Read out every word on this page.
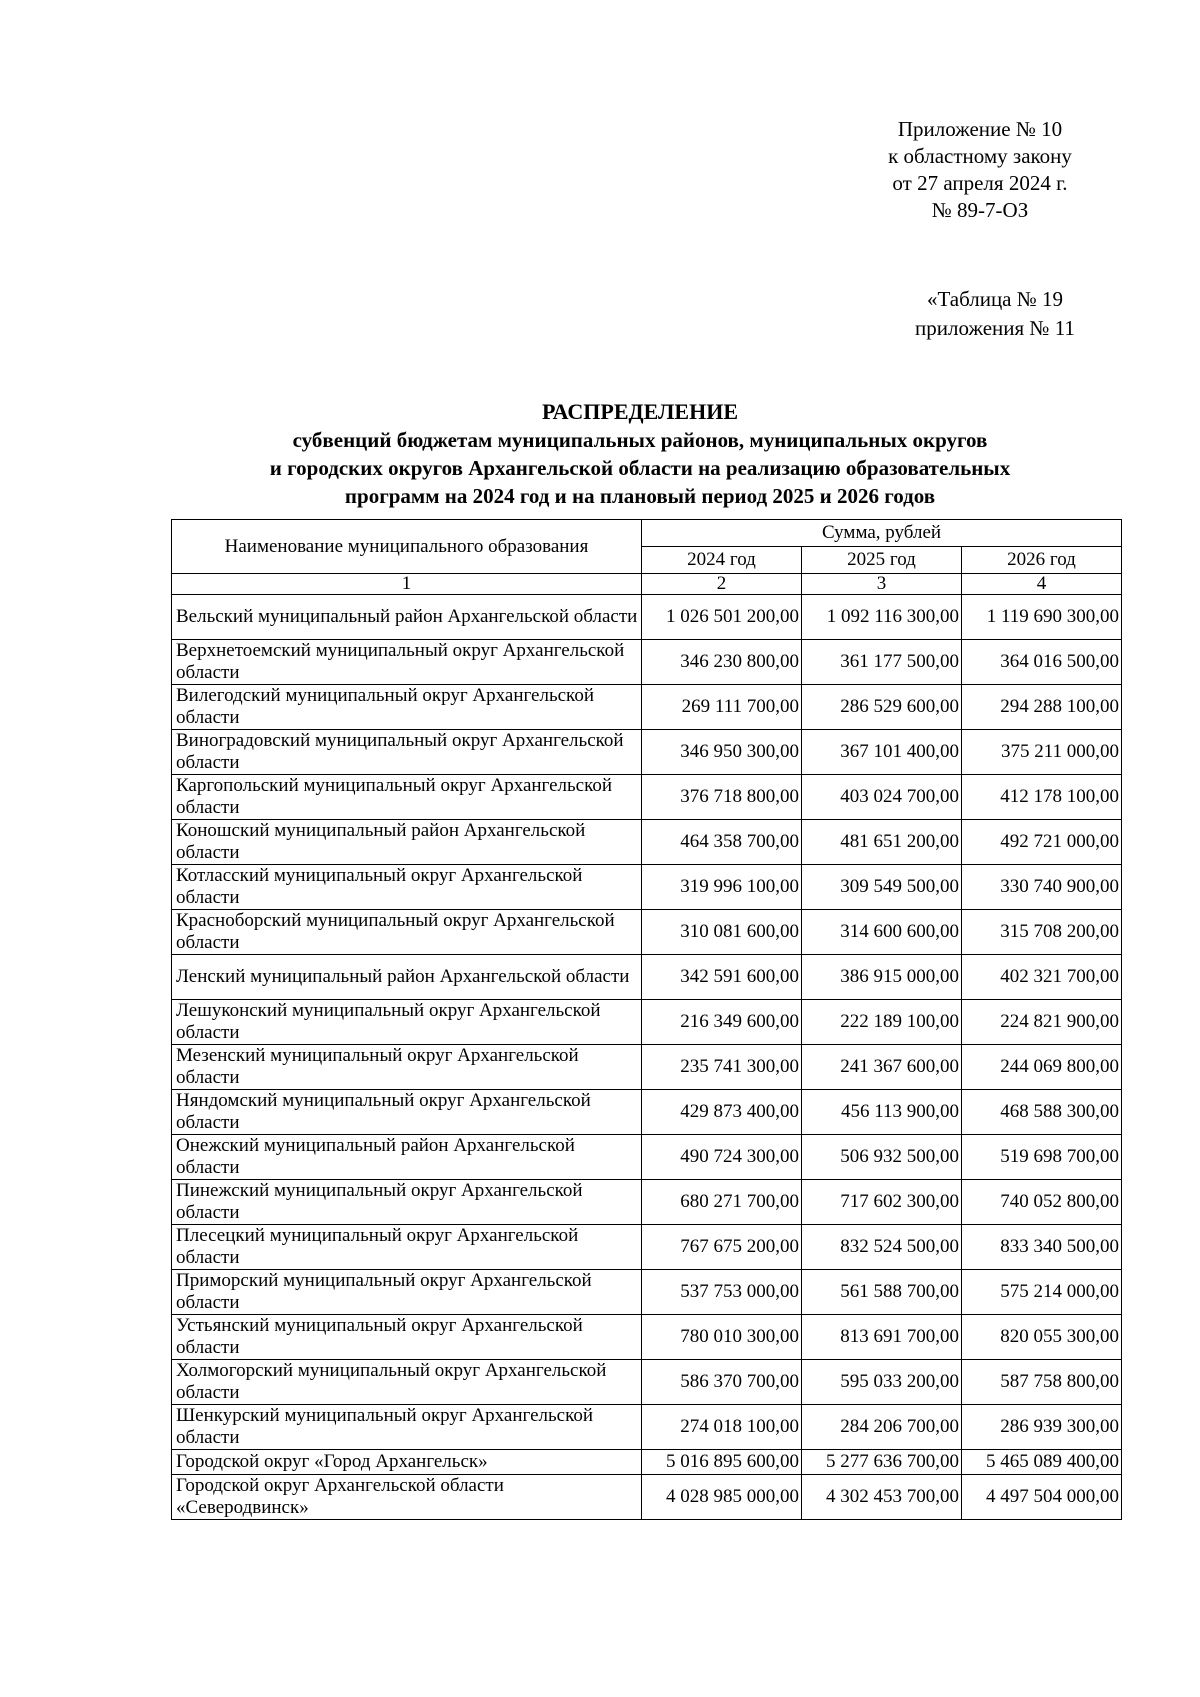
Приложение № 10
к областному закону
от 27 апреля 2024 г.
№ 89-7-ОЗ
«Таблица № 19
приложения № 11
РАСПРЕДЕЛЕНИЕ
субвенций бюджетам муниципальных районов, муниципальных округов
и городских округов Архангельской области на реализацию образовательных
программ на 2024 год и на плановый период 2025 и 2026 годов
Наименование муниципального образования	Сумма, рублей		
	2024 год	2025 год	2026 год
1	2	3	4
Вельский муниципальный район Архангельской области	1 026 501 200,00	1 092 116 300,00	1 119 690 300,00
Верхнетоемский муниципальный округ Архангельской области	346 230 800,00	361 177 500,00	364 016 500,00
Вилегодский муниципальный округ Архангельской области	269 111 700,00	286 529 600,00	294 288 100,00
Виноградовский муниципальный округ Архангельской области	346 950 300,00	367 101 400,00	375 211 000,00
Каргопольский муниципальный округ Архангельской области	376 718 800,00	403 024 700,00	412 178 100,00
Коношский муниципальный район Архангельской области	464 358 700,00	481 651 200,00	492 721 000,00
Котласский муниципальный округ Архангельской области	319 996 100,00	309 549 500,00	330 740 900,00
Красноборский муниципальный округ Архангельской области	310 081 600,00	314 600 600,00	315 708 200,00
Ленский муниципальный район Архангельской области	342 591 600,00	386 915 000,00	402 321 700,00
Лешуконский муниципальный округ Архангельской области	216 349 600,00	222 189 100,00	224 821 900,00
Мезенский муниципальный округ Архангельской области	235 741 300,00	241 367 600,00	244 069 800,00
Няндомский муниципальный округ Архангельской области	429 873 400,00	456 113 900,00	468 588 300,00
Онежский муниципальный район Архангельской области	490 724 300,00	506 932 500,00	519 698 700,00
Пинежский муниципальный округ Архангельской области	680 271 700,00	717 602 300,00	740 052 800,00
Плесецкий муниципальный округ Архангельской области	767 675 200,00	832 524 500,00	833 340 500,00
Приморский муниципальный округ Архангельской области	537 753 000,00	561 588 700,00	575 214 000,00
Устьянский муниципальный округ Архангельской области	780 010 300,00	813 691 700,00	820 055 300,00
Холмогорский муниципальный округ Архангельской области	586 370 700,00	595 033 200,00	587 758 800,00
Шенкурский муниципальный округ Архангельской области	274 018 100,00	284 206 700,00	286 939 300,00
Городской округ «Город Архангельск»	5 016 895 600,00	5 277 636 700,00	5 465 089 400,00
Городской округ Архангельской области «Северодвинск»	4 028 985 000,00	4 302 453 700,00	4 497 504 000,00
